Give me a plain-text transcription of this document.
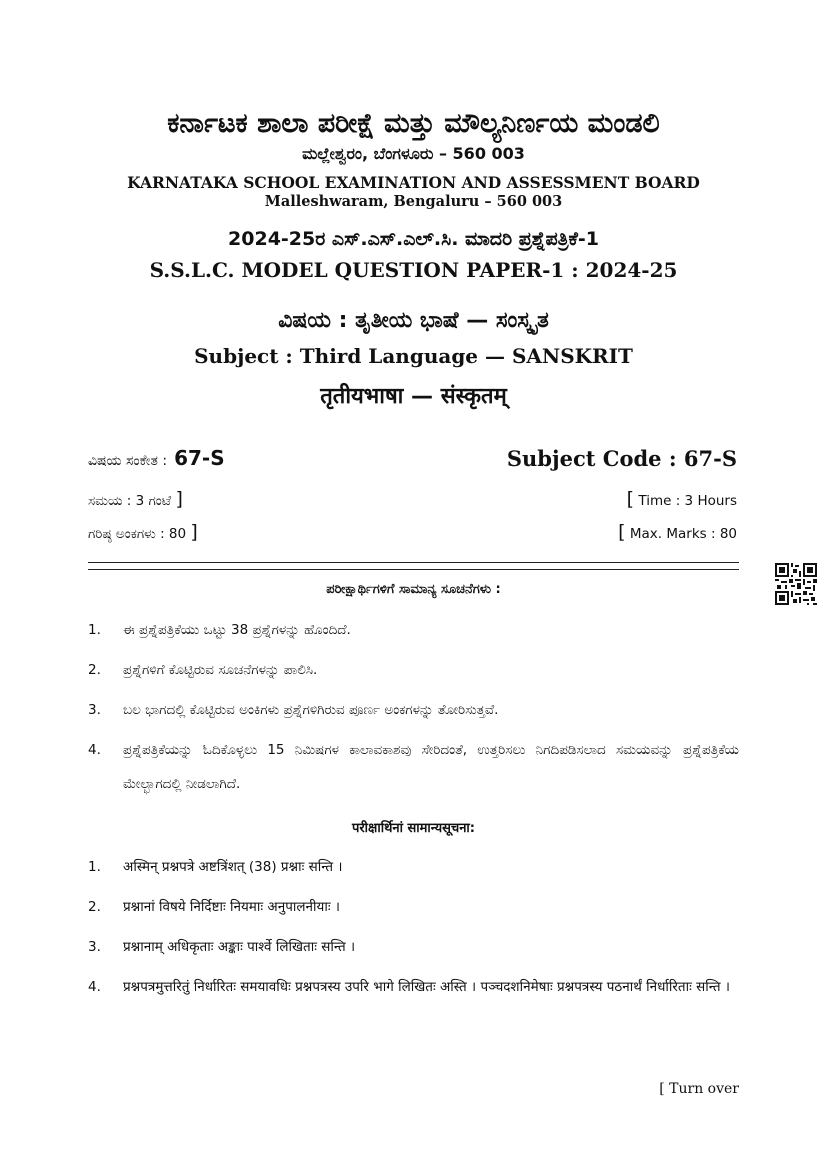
ಕರ್ನಾಟಕ ಶಾಲಾ ಪರೀಕ್ಷೆ ಮತ್ತು ಮೌಲ್ಯನಿರ್ಣಯ ಮಂಡಲಿ
ಮಲ್ಲೇಶ್ವರಂ, ಬೆಂಗಳೂರು – 560 003
KARNATAKA SCHOOL EXAMINATION AND ASSESSMENT BOARD
Malleshwaram, Bengaluru – 560 003
2024-25ರ ಎಸ್.ಎಸ್.ಎಲ್.ಸಿ. ಮಾದರಿ ಪ್ರಶ್ನೆಪತ್ರಿಕೆ-1
S.S.L.C. MODEL QUESTION PAPER-1 : 2024-25
ವಿಷಯ : ತೃತೀಯ ಭಾಷೆ — ಸಂಸ್ಕೃತ
Subject : Third Language — SANSKRIT
तृतीयभाषा — संस्कृतम्
ವಿಷಯ ಸಂಕೇತ : 67-S	Subject Code : 67-S
ಸಮಯ : 3 ಗಂಟೆ ]	[ Time : 3 Hours
ಗರಿಷ್ಠ ಅಂಕಗಳು : 80 ]	[ Max. Marks : 80
ಪರೀಕ್ಷಾರ್ಥಿಗಳಿಗೆ ಸಾಮಾನ್ಯ ಸೂಚನೆಗಳು :
1.	ಈ ಪ್ರಶ್ನೆಪತ್ರಿಕೆಯು ಒಟ್ಟು 38 ಪ್ರಶ್ನೆಗಳನ್ನು ಹೊಂದಿದೆ.
2.	ಪ್ರಶ್ನೆಗಳಿಗೆ ಕೊಟ್ಟಿರುವ ಸೂಚನೆಗಳನ್ನು ಪಾಲಿಸಿ.
3.	ಬಲ ಭಾಗದಲ್ಲಿ ಕೊಟ್ಟಿರುವ ಅಂಕಿಗಳು ಪ್ರಶ್ನೆಗಳಿಗಿರುವ ಪೂರ್ಣ ಅಂಕಗಳನ್ನು ತೋರಿಸುತ್ತವೆ.
4.	ಪ್ರಶ್ನೆಪತ್ರಿಕೆಯನ್ನು ಓದಿಕೊಳ್ಳಲು 15 ನಿಮಿಷಗಳ ಕಾಲಾವಕಾಶವು ಸೇರಿದಂತೆ, ಉತ್ತರಿಸಲು ನಿಗದಿಪಡಿಸಲಾದ ಸಮಯವನ್ನು ಪ್ರಶ್ನೆಪತ್ರಿಕೆಯ ಮೇಲ್ಭಾಗದಲ್ಲಿ ನೀಡಲಾಗಿದೆ.
परीक्षार्थिनां सामान्यसूचना:
1.	अस्मिन् प्रश्नपत्रे अष्टत्रिंशत् (38) प्रश्नाः सन्ति ।
2.	प्रश्नानां विषये निर्दिष्टाः नियमाः अनुपालनीयाः ।
3.	प्रश्नानाम् अधिकृताः अङ्काः पार्श्वे लिखिताः सन्ति ।
4.	प्रश्नपत्रमुत्तरितुं निर्धारितः समयावधिः प्रश्नपत्रस्य उपरि भागे लिखितः अस्ति । पञ्चदशनिमेषाः प्रश्नपत्रस्य पठनार्थं निर्धारिताः सन्ति ।
[ Turn over
